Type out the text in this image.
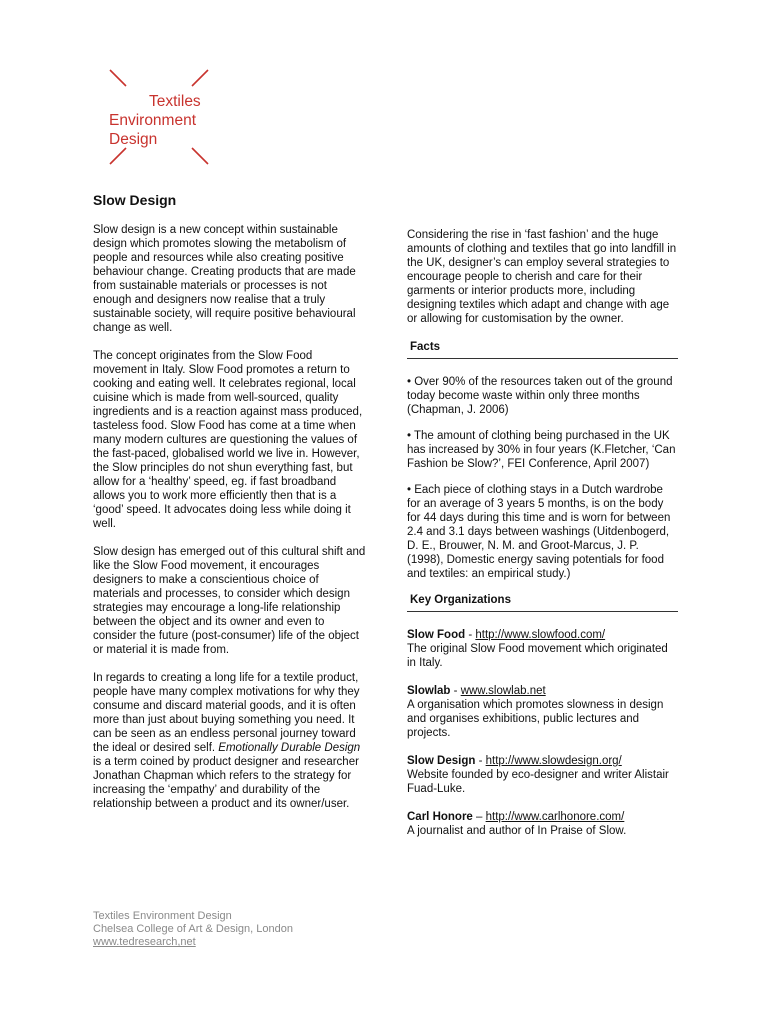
Textiles
Environment
Design
Slow Design

Slow design is a new concept within sustainable design which promotes slowing the metabolism of people and resources while also creating positive behaviour change. Creating products that are made from sustainable materials or processes is not enough and designers now realise that a truly sustainable society, will require positive behavioural change as well.

The concept originates from the Slow Food movement in Italy. Slow Food promotes a return to cooking and eating well. It celebrates regional, local cuisine which is made from well-sourced, quality ingredients and is a reaction against mass produced, tasteless food. Slow Food has come at a time when many modern cultures are questioning the values of the fast-paced, globalised world we live in. However, the Slow principles do not shun everything fast, but allow for a ‘healthy’ speed, eg. if fast broadband allows you to work more efficiently then that is a ‘good’ speed. It advocates doing less while doing it well.

Slow design has emerged out of this cultural shift and like the Slow Food movement, it encourages designers to make a conscientious choice of materials and processes, to consider which design strategies may encourage a long-life relationship between the object and its owner and even to consider the future (post-consumer) life of the object or material it is made from.

In regards to creating a long life for a textile product, people have many complex motivations for why they consume and discard material goods, and it is often more than just about buying something you need. It can be seen as an endless personal journey toward the ideal or desired self. Emotionally Durable Design is a term coined by product designer and researcher Jonathan Chapman which refers to the strategy for increasing the ‘empathy’ and durability of the relationship between a product and its owner/user.

Considering the rise in ‘fast fashion’ and the huge amounts of clothing and textiles that go into landfill in the UK, designer’s can employ several strategies to encourage people to cherish and care for their garments or interior products more, including designing textiles which adapt and change with age or allowing for customisation by the owner.

Facts

• Over 90% of the resources taken out of the ground today become waste within only three months (Chapman, J. 2006)

• The amount of clothing being purchased in the UK has increased by 30% in four years (K.Fletcher, ‘Can Fashion be Slow?’, FEI Conference, April 2007)

• Each piece of clothing stays in a Dutch wardrobe for an average of 3 years 5 months, is on the body for 44 days during this time and is worn for between 2.4 and 3.1 days between washings (Uitdenbogerd, D. E., Brouwer, N. M. and Groot-Marcus, J. P. (1998), Domestic energy saving potentials for food and textiles: an empirical study.)

Key Organizations
Slow Food - http://www.slowfood.com/
The original Slow Food movement which originated in Italy.
Slowlab - www.slowlab.net
A organisation which promotes slowness in design and organises exhibitions, public lectures and projects.
Slow Design - http://www.slowdesign.org/
Website founded by eco-designer and writer Alistair Fuad-Luke.
Carl Honore – http://www.carlhonore.com/
A journalist and author of In Praise of Slow.
Textiles Environment Design
Chelsea College of Art & Design, London
www.tedresearch,net
